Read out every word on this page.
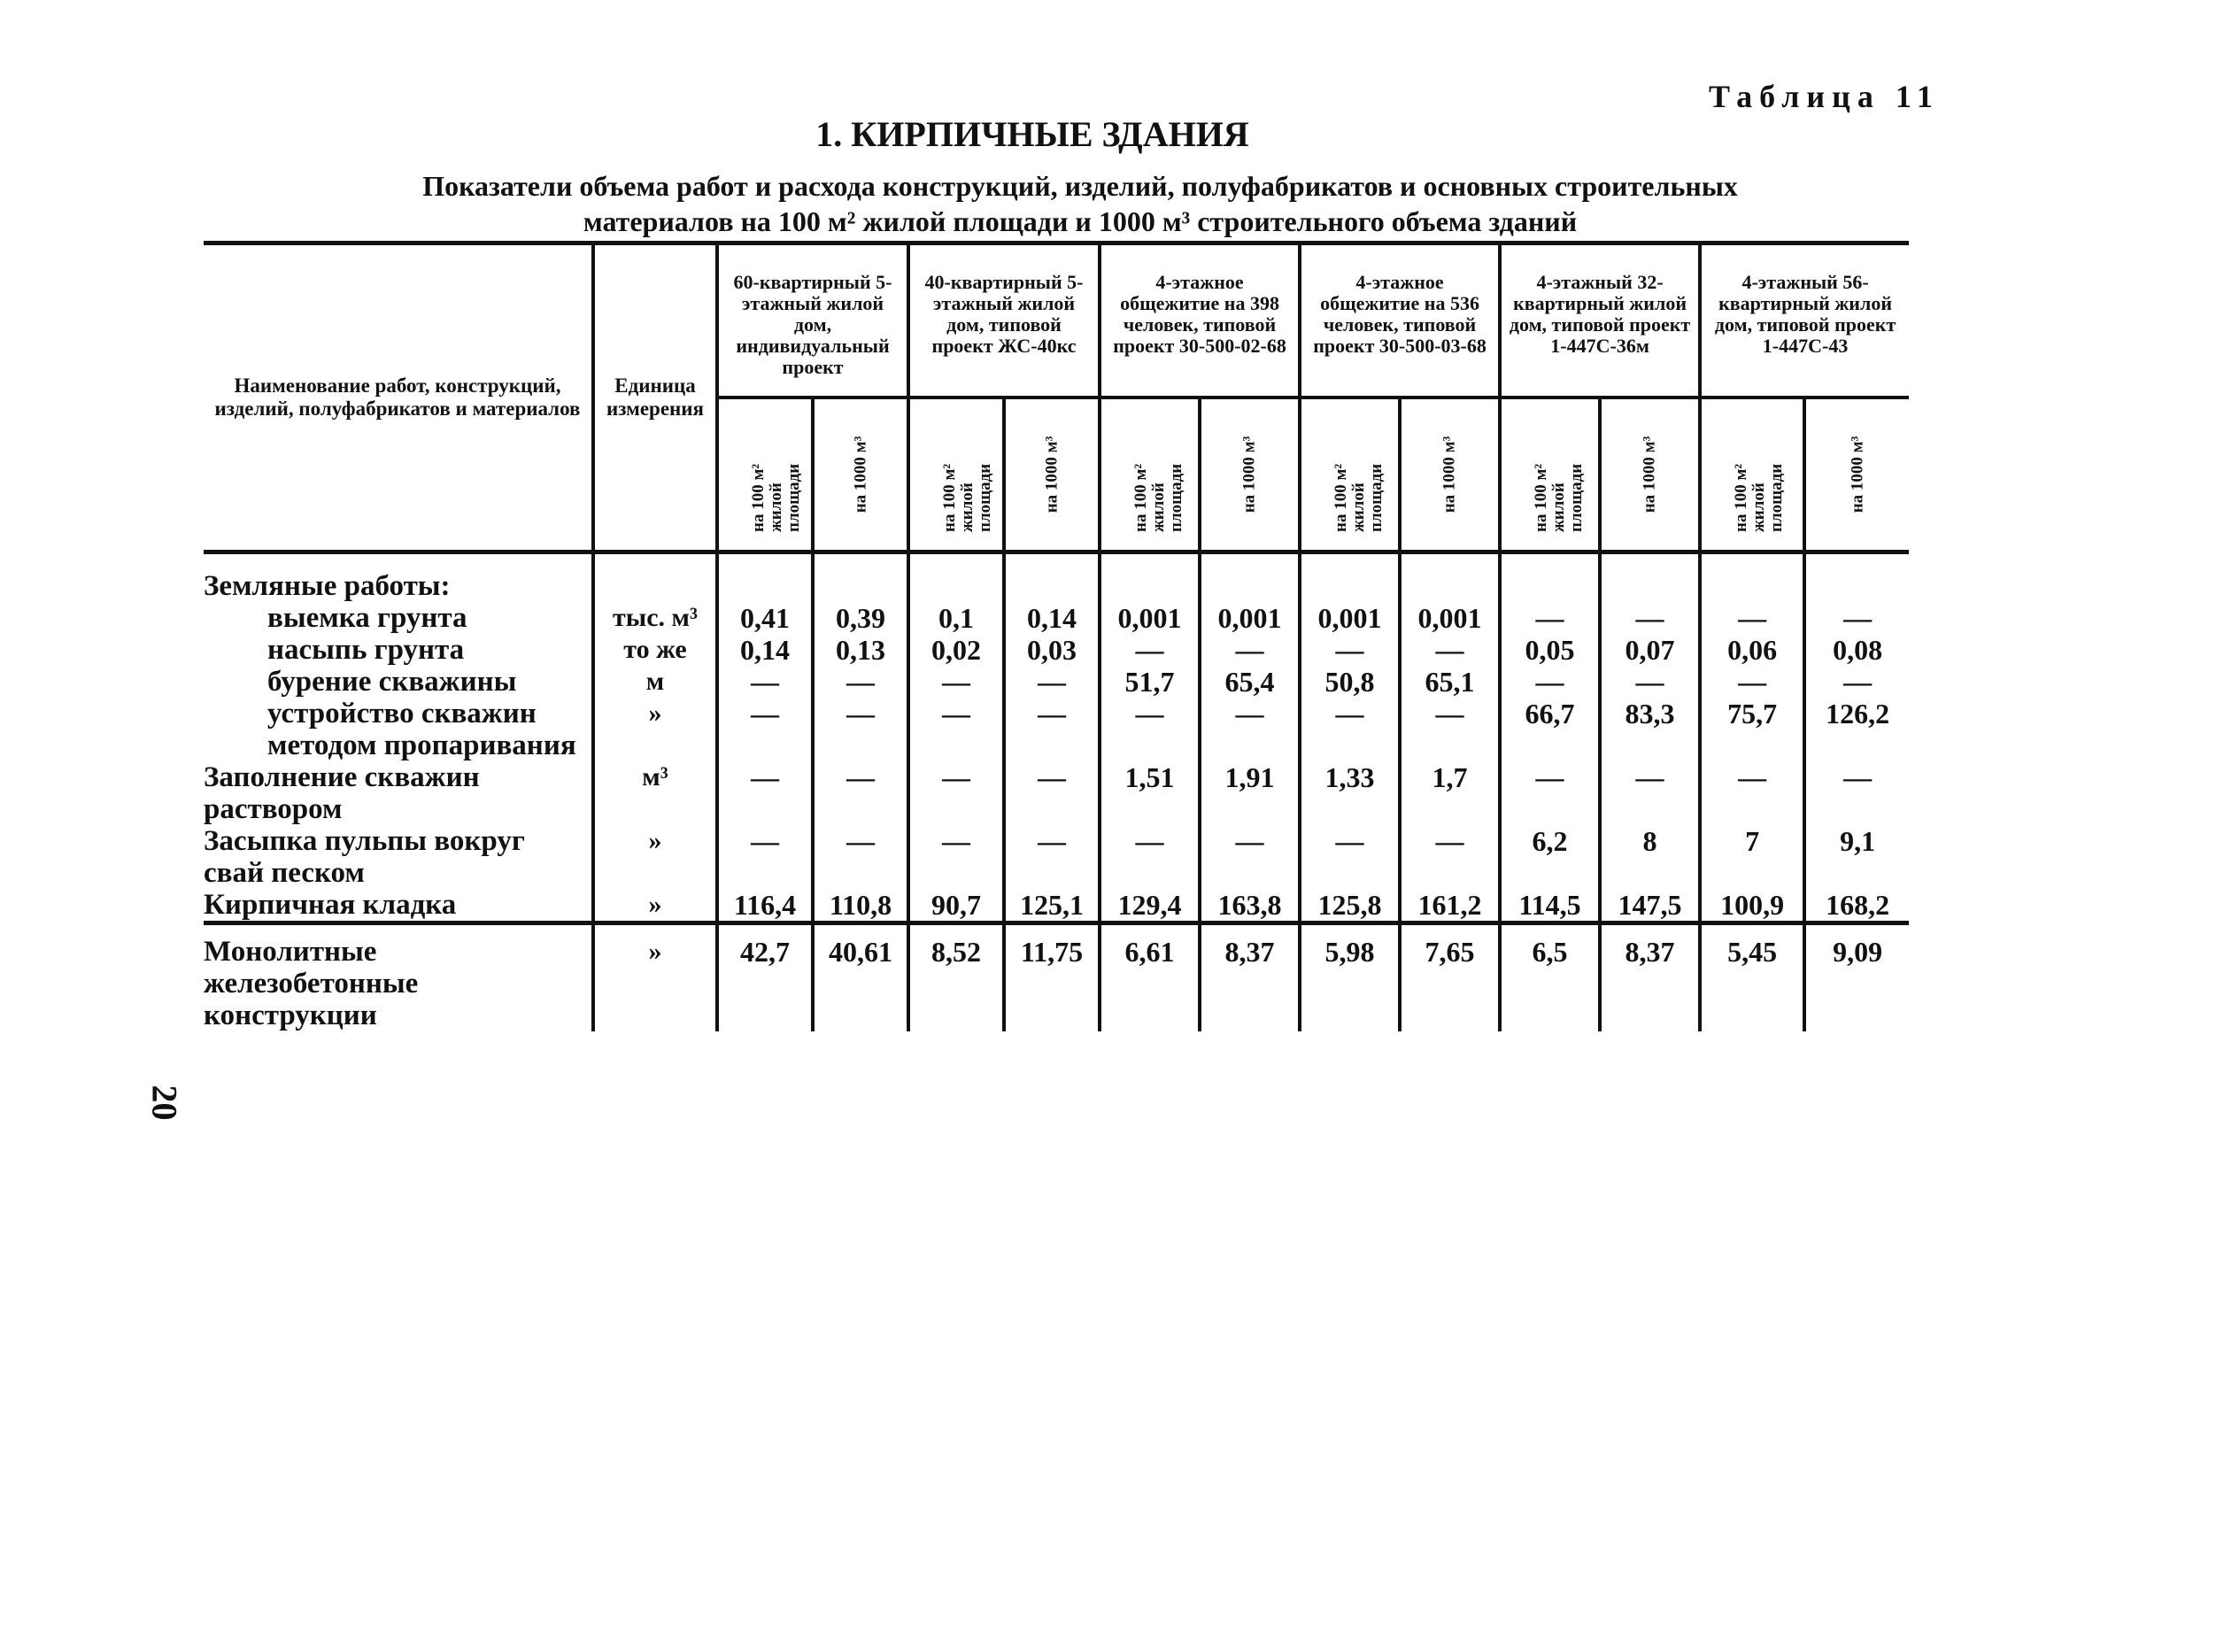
Таблица 11
1. КИРПИЧНЫЕ ЗДАНИЯ
Показатели объема работ и расхода конструкций, изделий, полуфабрикатов и основных строительных
материалов на 100 м² жилой площади и 1000 м³ строительного объема зданий
Наименование работ, конструкций, изделий, полуфабрикатов и материалов	Единица измерения	60-квартирный 5-этажный жилой дом, индивидуальный проект		40-квартирный 5-этажный жилой дом, типовой проект ЖС-40кс		4-этажное общежитие на 398 человек, типовой проект 30-500-02-68		4-этажное общежитие на 536 человек, типовой проект 30-500-03-68		4-этажный 32-квартирный жилой дом, типовой проект 1-447С-36м		4-этажный 56-квартирный жилой дом, типовой проект 1-447С-43	
		на 100 м² жилой площади	на 1000 м³	на 100 м² жилой площади	на 1000 м³	на 100 м² жилой площади	на 1000 м³	на 100 м² жилой площади	на 1000 м³	на 100 м² жилой площади	на 1000 м³	на 100 м² жилой площади	на 1000 м³
Земляные работы:													
выемка грунта	тыс. м³	0,41	0,39	0,1	0,14	0,001	0,001	0,001	0,001	—	—	—	—
насыпь грунта	то же	0,14	0,13	0,02	0,03	—	—	—	—	0,05	0,07	0,06	0,08
бурение скважины	м	—	—	—	—	51,7	65,4	50,8	65,1	—	—	—	—
устройство скважин методом пропаривания	»	—	—	—	—	—	—	—	—	66,7	83,3	75,7	126,2
Заполнение скважин раствором	м³	—	—	—	—	1,51	1,91	1,33	1,7	—	—	—	—
Засыпка пульпы вокруг свай песком	»	—	—	—	—	—	—	—	—	6,2	8	7	9,1
Кирпичная кладка	»	116,4	110,8	90,7	125,1	129,4	163,8	125,8	161,2	114,5	147,5	100,9	168,2
Монолитные железобетонные конструкции	»	42,7	40,61	8,52	11,75	6,61	8,37	5,98	7,65	6,5	8,37	5,45	9,09
20
